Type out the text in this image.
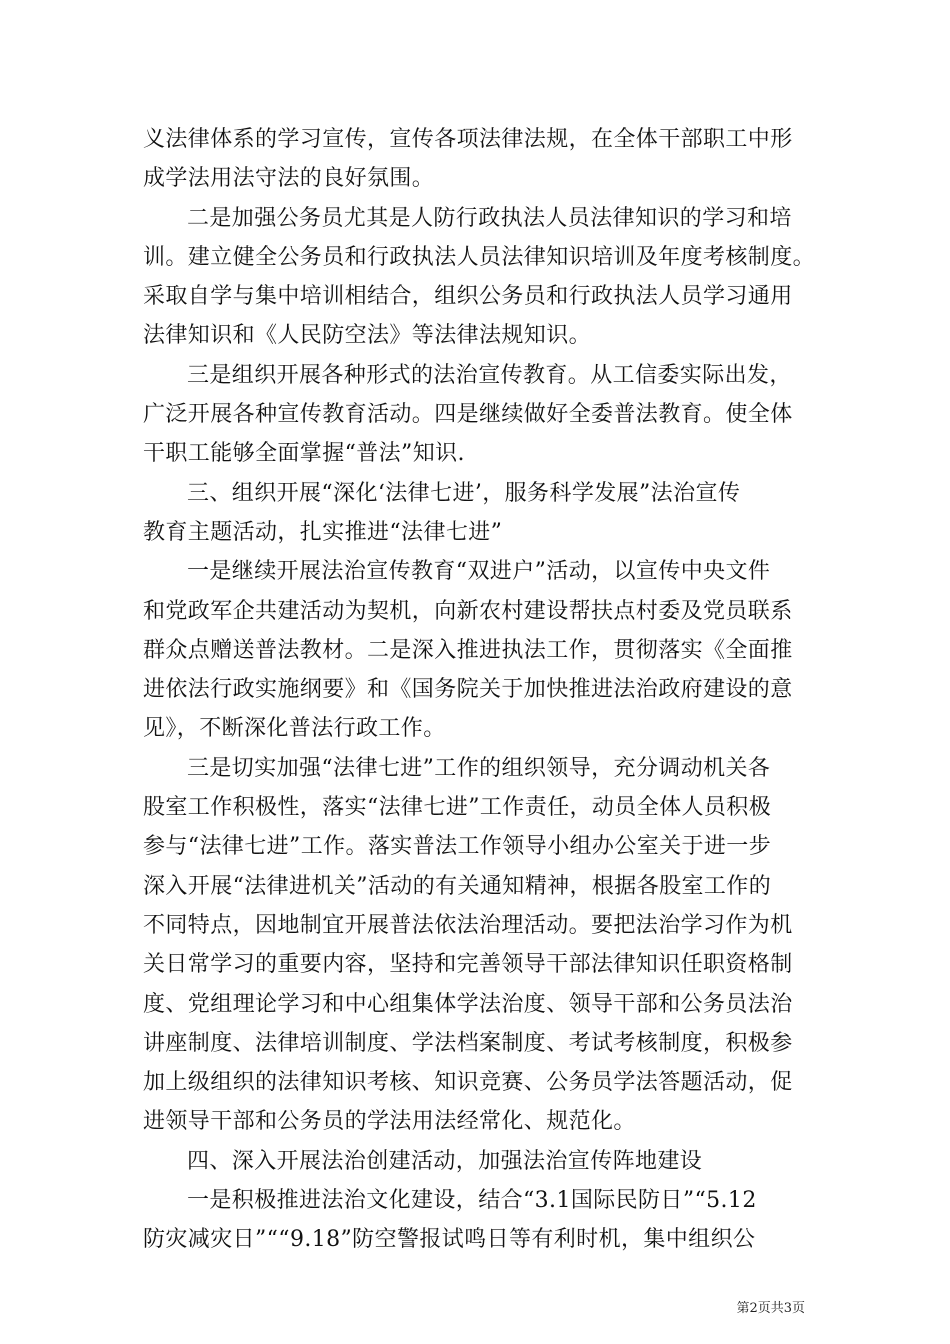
义法律体系的学习宣传，宣传各项法律法规，在全体干部职工中形
成学法用法守法的良好氛围。
二是加强公务员尤其是人防行政执法人员法律知识的学习和培
训。建立健全公务员和行政执法人员法律知识培训及年度考核制度。
采取自学与集中培训相结合，组织公务员和行政执法人员学习通用
法律知识和《人民防空法》等法律法规知识。
三是组织开展各种形式的法治宣传教育。从工信委实际出发，
广泛开展各种宣传教育活动。四是继续做好全委普法教育。使全体
干职工能够全面掌握“普法”知识.
三、组织开展“深化‘法律七进’，服务科学发展”法治宣传
教育主题活动，扎实推进“法律七进”
一是继续开展法治宣传教育“双进户”活动，以宣传中央文件
和党政军企共建活动为契机，向新农村建设帮扶点村委及党员联系
群众点赠送普法教材。二是深入推进执法工作，贯彻落实《全面推
进依法行政实施纲要》和《国务院关于加快推进法治政府建设的意
见》，不断深化普法行政工作。
三是切实加强“法律七进”工作的组织领导，充分调动机关各
股室工作积极性，落实“法律七进”工作责任，动员全体人员积极
参与“法律七进”工作。落实普法工作领导小组办公室关于进一步
深入开展“法律进机关”活动的有关通知精神，根据各股室工作的
不同特点，因地制宜开展普法依法治理活动。要把法治学习作为机
关日常学习的重要内容，坚持和完善领导干部法律知识任职资格制
度、党组理论学习和中心组集体学法治度、领导干部和公务员法治
讲座制度、法律培训制度、学法档案制度、考试考核制度，积极参
加上级组织的法律知识考核、知识竞赛、公务员学法答题活动，促
进领导干部和公务员的学法用法经常化、规范化。
四、深入开展法治创建活动，加强法治宣传阵地建设
一是积极推进法治文化建设，结合“3.1国际民防日”“5.12
防灾减灾日”““9.18”防空警报试鸣日等有利时机，集中组织公
第2页共3页
